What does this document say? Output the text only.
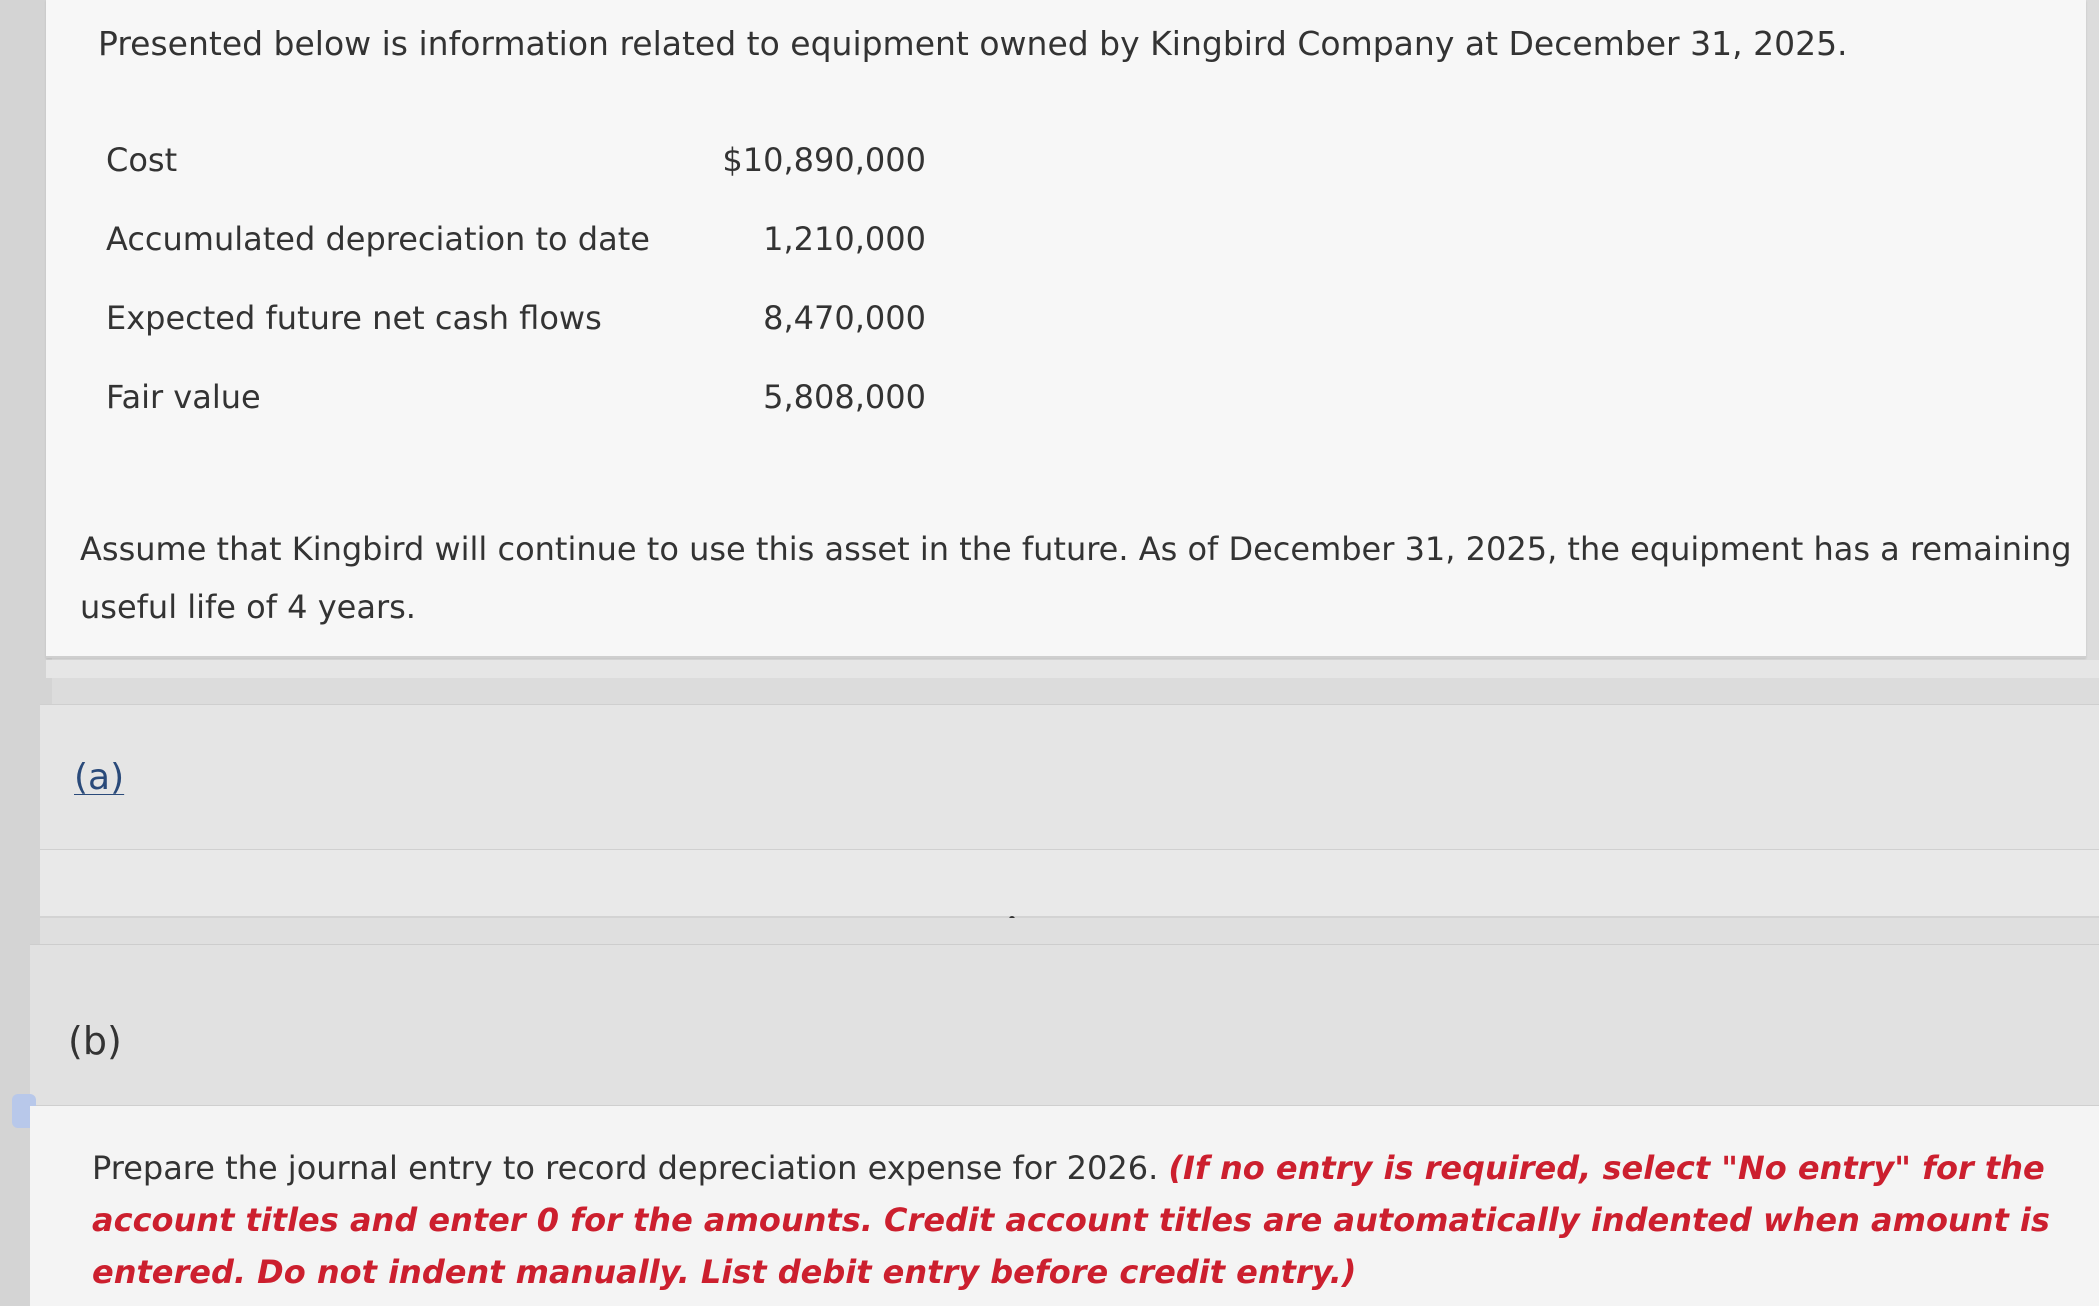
Presented below is information related to equipment owned by Kingbird Company at December 31, 2025.
Cost	$10,890,000
Accumulated depreciation to date	1,210,000
Expected future net cash flows	8,470,000
Fair value	5,808,000
Assume that Kingbird will continue to use this asset in the future. As of December 31, 2025, the equipment has a remaining useful life of 4 years.
(a)
(b)

Prepare the journal entry to record depreciation expense for 2026. (If no entry is required, select "No entry" for the account titles and enter 0 for the amounts. Credit account titles are automatically indented when amount is entered. Do not indent manually. List debit entry before credit entry.)
